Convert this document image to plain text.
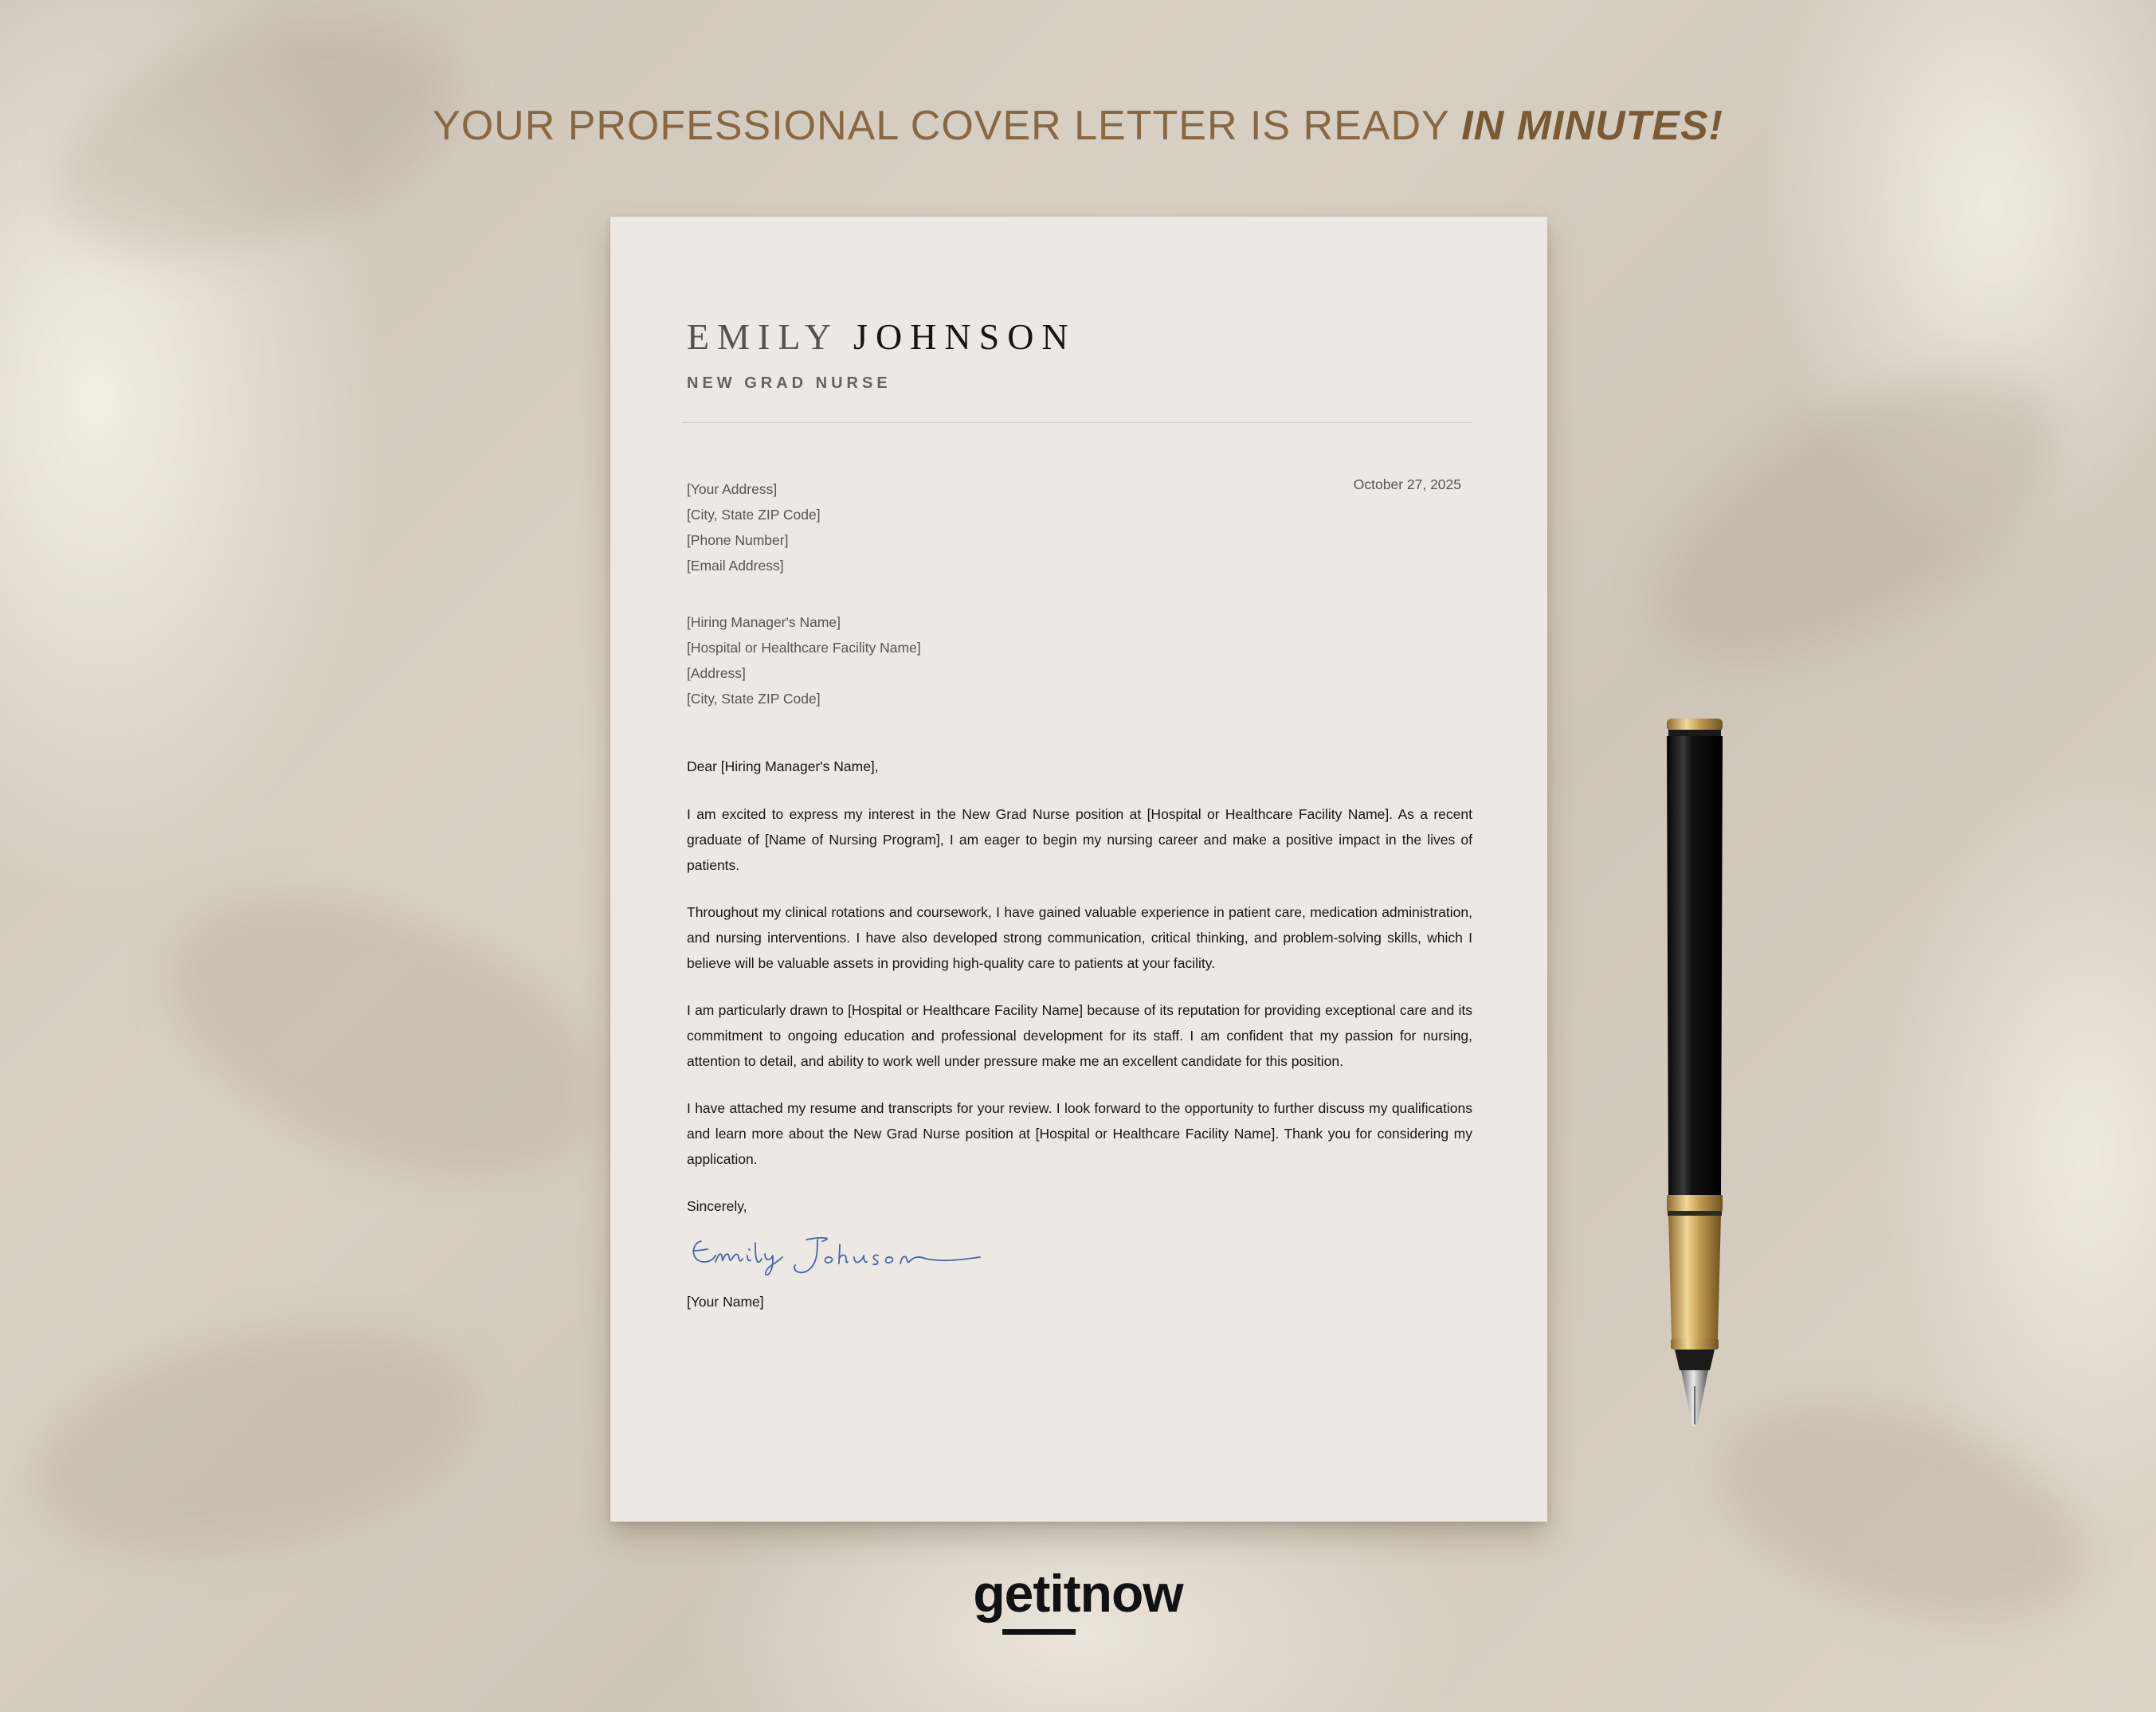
YOUR PROFESSIONAL COVER LETTER IS READY IN MINUTES!
EMILY JOHNSON
NEW GRAD NURSE
[Your Address]
[City, State ZIP Code]
[Phone Number]
[Email Address]
October 27, 2025
[Hiring Manager's Name]
[Hospital or Healthcare Facility Name]
[Address]
[City, State ZIP Code]
Dear [Hiring Manager's Name],
I am excited to express my interest in the New Grad Nurse position at [Hospital or Healthcare Facility Name]. As a recent graduate of [Name of Nursing Program], I am eager to begin my nursing career and make a positive impact in the lives of patients.
Throughout my clinical rotations and coursework, I have gained valuable experience in patient care, medication administration, and nursing interventions. I have also developed strong communication, critical thinking, and problem-solving skills, which I believe will be valuable assets in providing high-quality care to patients at your facility.
I am particularly drawn to [Hospital or Healthcare Facility Name] because of its reputation for providing exceptional care and its commitment to ongoing education and professional development for its staff. I am confident that my passion for nursing, attention to detail, and ability to work well under pressure make me an excellent candidate for this position.
I have attached my resume and transcripts for your review. I look forward to the opportunity to further discuss my qualifications and learn more about the New Grad Nurse position at [Hospital or Healthcare Facility Name]. Thank you for considering my application.
Sincerely,
[Your Name]
getitnow
